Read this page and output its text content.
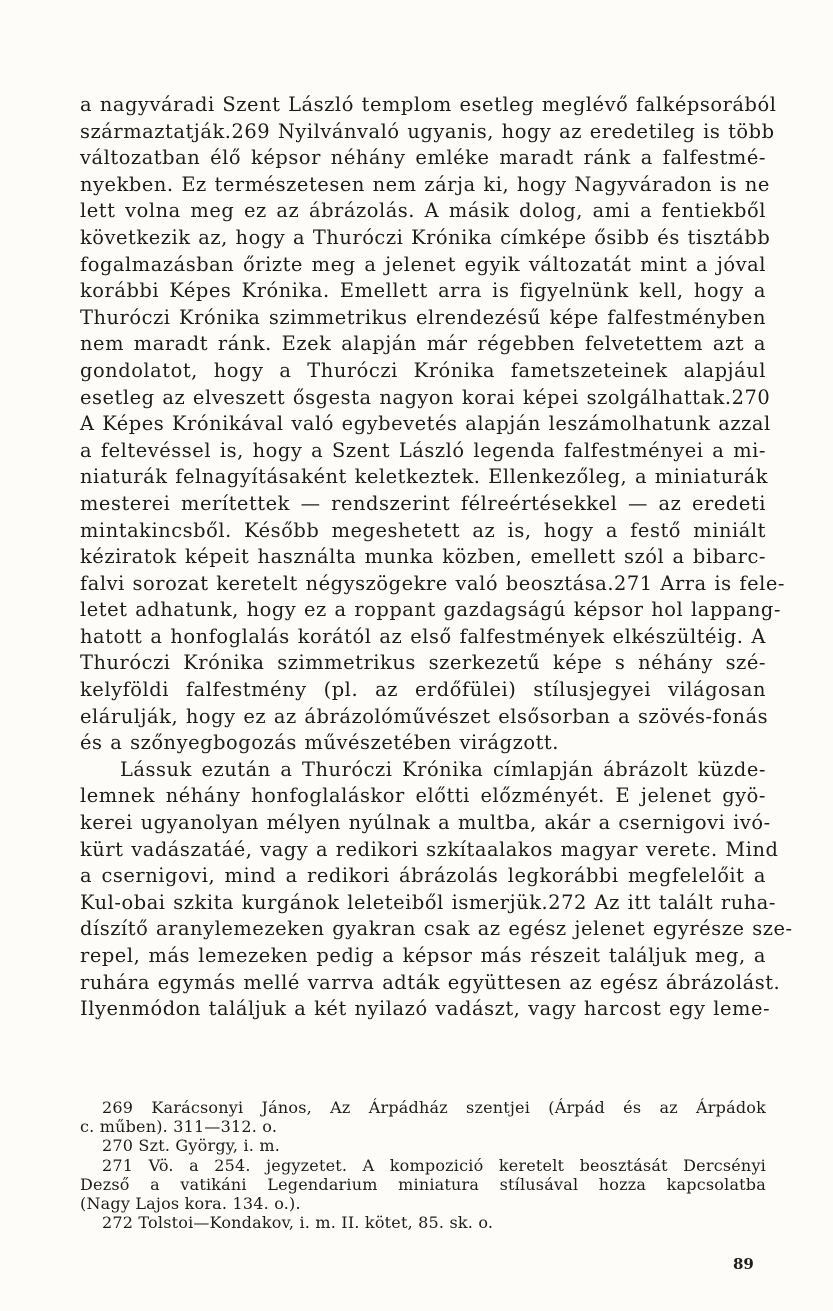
a nagyváradi Szent László templom esetleg meglévő falképsorából
származtatják.269 Nyilvánvaló ugyanis, hogy az eredetileg is több
változatban élő képsor néhány emléke maradt ránk a falfestmé-
nyekben. Ez természetesen nem zárja ki, hogy Nagyváradon is ne
lett volna meg ez az ábrázolás. A másik dolog, ami a fentiekből
következik az, hogy a Thuróczi Krónika címképe ősibb és tisztább
fogalmazásban őrizte meg a jelenet egyik változatát mint a jóval
korábbi Képes Krónika. Emellett arra is figyelnünk kell, hogy a
Thuróczi Krónika szimmetrikus elrendezésű képe falfestményben
nem maradt ránk. Ezek alapján már régebben felvetettem azt a
gondolatot, hogy a Thuróczi Krónika fametszeteinek alapjául
esetleg az elveszett ősgesta nagyon korai képei szolgálhattak.270
A Képes Krónikával való egybevetés alapján leszámolhatunk azzal
a feltevéssel is, hogy a Szent László legenda falfestményei a mi-
niaturák felnagyításaként keletkeztek. Ellenkezőleg, a miniaturák
mesterei merítettek — rendszerint félreértésekkel — az eredeti
mintakincsből. Később megeshetett az is, hogy a festő miniált
kéziratok képeit használta munka közben, emellett szól a bibarc-
falvi sorozat keretelt négyszögekre való beosztása.271 Arra is fele-
letet adhatunk, hogy ez a roppant gazdagságú képsor hol lappang-
hatott a honfoglalás korától az első falfestmények elkészültéig. A
Thuróczi Krónika szimmetrikus szerkezetű képe s néhány szé-
kelyföldi falfestmény (pl. az erdőfülei) stílusjegyei világosan
elárulják, hogy ez az ábrázolóművészet elsősorban a szövés-fonás
és a szőnyegbogozás művészetében virágzott.
Lássuk ezután a Thuróczi Krónika címlapján ábrázolt küzde-
lemnek néhány honfoglaláskor előtti előzményét. E jelenet gyö-
kerei ugyanolyan mélyen nyúlnak a multba, akár a csernigovi ivó-
kürt vadászatáé, vagy a redikori szkítaalakos magyar veretє. Mind
a csernigovi, mind a redikori ábrázolás legkorábbi megfelelőit a
Kul-obai szkita kurgánok leleteiből ismerjük.272 Az itt talált ruha-
díszítő aranylemezeken gyakran csak az egész jelenet egyrésze sze-
repel, más lemezeken pedig a képsor más részeit találjuk meg, a
ruhára egymás mellé varrva adták együttesen az egész ábrázolást.
Ilyenmódon találjuk a két nyilazó vadászt, vagy harcost egy leme-
269 Karácsonyi János, Az Árpádház szentjei (Árpád és az Árpádok
c. műben). 311—312. o.
270 Szt. György, i. m.
271 Vö. a 254. jegyzetet. A kompozició keretelt beosztását Dercsényi
Dezső a vatikáni Legendarium miniatura stílusával hozza kapcsolatba
(Nagy Lajos kora. 134. o.).
272 Tolstoi—Kondakov, i. m. II. kötet, 85. sk. o.
89
